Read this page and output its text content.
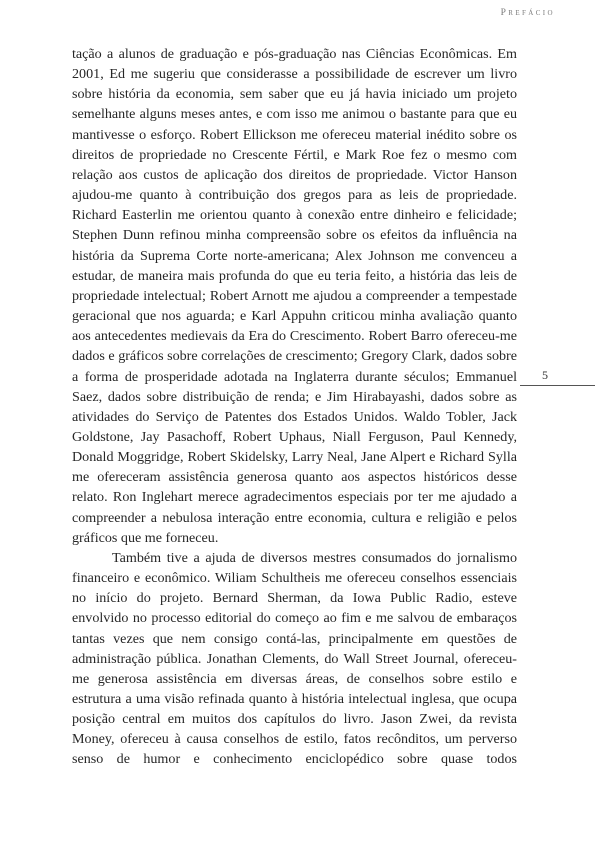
Prefácio
5

tação a alunos de graduação e pós-graduação nas Ciências Econômicas. Em 2001, Ed me sugeriu que considerasse a possibilidade de escrever um livro sobre história da economia, sem saber que eu já havia iniciado um projeto semelhante alguns meses antes, e com isso me animou o bastante para que eu mantivesse o esforço. Robert Ellickson me ofereceu material inédito sobre os direitos de propriedade no Crescente Fértil, e Mark Roe fez o mesmo com relação aos custos de aplicação dos direitos de propriedade. Victor Hanson ajudou-me quanto à contribuição dos gregos para as leis de propriedade. Richard Easterlin me orientou quanto à conexão entre dinheiro e felicidade; Stephen Dunn refinou minha compreensão sobre os efeitos da influência na história da Suprema Corte norte-americana; Alex Johnson me convenceu a estudar, de maneira mais profunda do que eu teria feito, a história das leis de propriedade intelectual; Robert Arnott me ajudou a compreender a tempestade geracional que nos aguarda; e Karl Appuhn criticou minha avaliação quanto aos antecedentes medievais da Era do Crescimento. Robert Barro ofereceu-me dados e gráficos sobre correlações de crescimento; Gregory Clark, dados sobre a forma de prosperidade adotada na Inglaterra durante séculos; Emmanuel Saez, dados sobre distribuição de renda; e Jim Hirabayashi, dados sobre as atividades do Serviço de Patentes dos Estados Unidos. Waldo Tobler, Jack Goldstone, Jay Pasachoff, Robert Uphaus, Niall Ferguson, Paul Kennedy, Donald Moggridge, Robert Skidelsky, Larry Neal, Jane Alpert e Richard Sylla me ofereceram assistência generosa quanto aos aspectos históricos desse relato. Ron Inglehart merece agradecimentos especiais por ter me ajudado a compreender a nebulosa interação entre economia, cultura e religião e pelos gráficos que me forneceu.

Também tive a ajuda de diversos mestres consumados do jornalismo financeiro e econômico. Wiliam Schultheis me ofereceu conselhos essenciais no início do projeto. Bernard Sherman, da Iowa Public Radio, esteve envolvido no processo editorial do começo ao fim e me salvou de embaraços tantas vezes que nem consigo contá-las, principalmente em questões de administração pública. Jonathan Clements, do Wall Street Journal, ofereceu-me generosa assistência em diversas áreas, de conselhos sobre estilo e estrutura a uma visão refinada quanto à história intelectual inglesa, que ocupa posição central em muitos dos capítulos do livro. Jason Zwei, da revista Money, ofereceu à causa conselhos de estilo, fatos recônditos, um perverso senso de humor e conhecimento enciclopédico sobre quase todos
